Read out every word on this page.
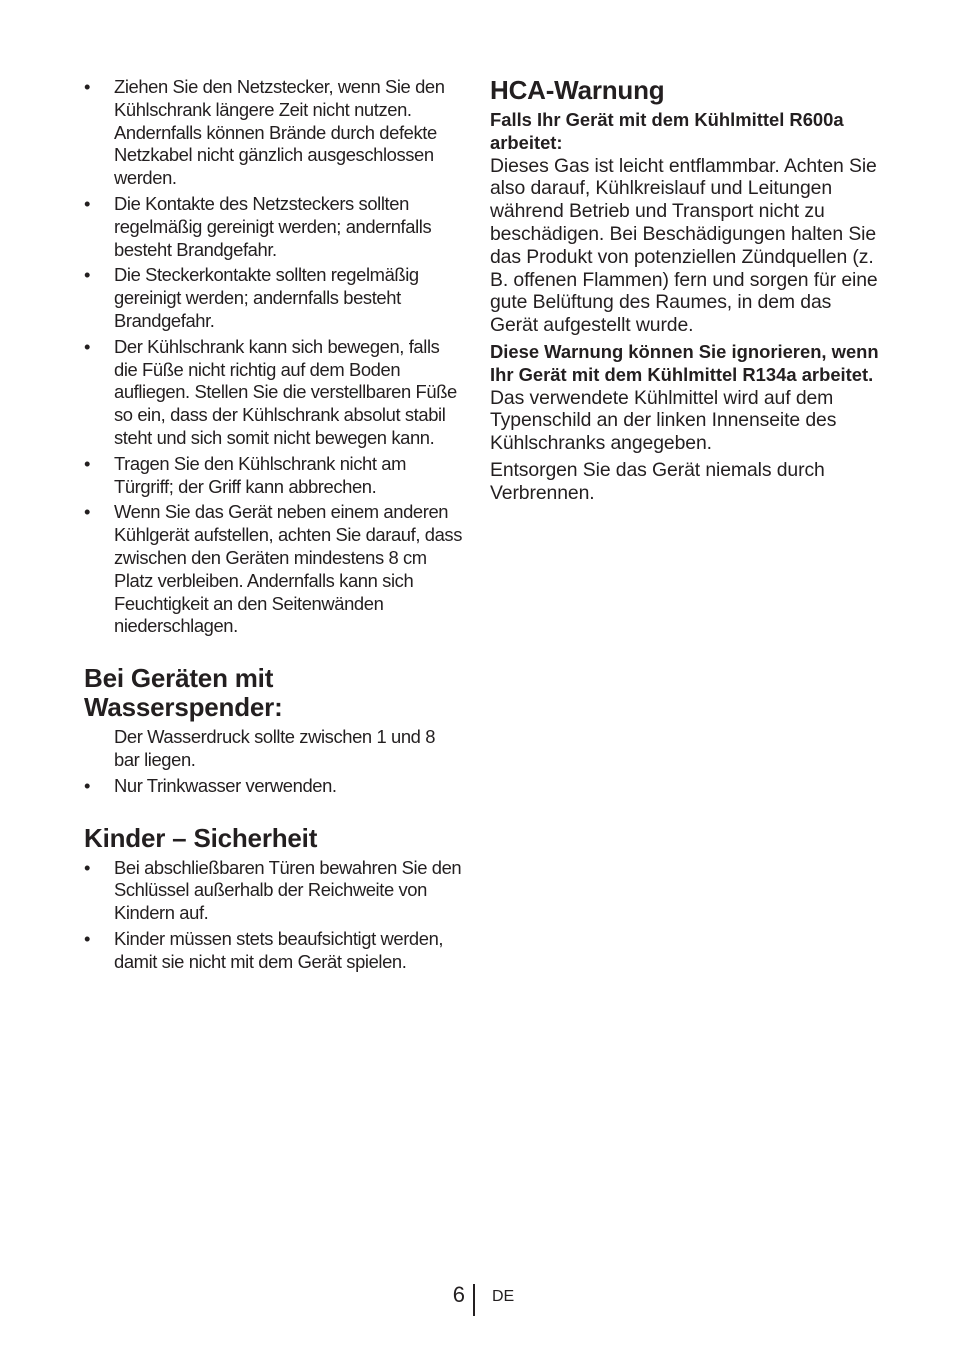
•	Ziehen Sie den Netzstecker, wenn Sie den Kühlschrank längere Zeit nicht nutzen. Andernfalls können Brände durch defekte Netzkabel nicht gänzlich ausgeschlossen werden.
•	Die Kontakte des Netzsteckers sollten regelmäßig gereinigt werden; andernfalls besteht Brandgefahr.
•	Die Steckerkontakte sollten regelmäßig gereinigt werden; andernfalls besteht Brandgefahr.
•	Der Kühlschrank kann sich bewegen, falls die Füße nicht richtig auf dem Boden aufliegen. Stellen Sie die verstellbaren Füße so ein, dass der Kühlschrank absolut stabil steht und sich somit nicht bewegen kann.
•	Tragen Sie den Kühlschrank nicht am Türgriff; der Griff kann abbrechen.
•	Wenn Sie das Gerät neben einem anderen Kühlgerät aufstellen, achten Sie darauf, dass zwischen den Geräten mindestens 8 cm Platz verbleiben. Andernfalls kann sich Feuchtigkeit an den Seitenwänden niederschlagen.
Bei Geräten mit Wasserspender:
Der Wasserdruck sollte zwischen 1 und 8 bar liegen.
•	Nur Trinkwasser verwenden.
Kinder – Sicherheit
•	Bei abschließbaren Türen bewahren Sie den Schlüssel außerhalb der Reichweite von Kindern auf.
•	Kinder müssen stets beaufsichtigt werden, damit sie nicht mit dem Gerät spielen.
HCA-Warnung

Falls Ihr Gerät mit dem Kühlmittel R600a arbeitet:

Dieses Gas ist leicht entflammbar. Achten Sie also darauf, Kühlkreislauf und Leitungen während Betrieb und Transport nicht zu beschädigen. Bei Beschädigungen halten Sie das Produkt von potenziellen Zündquellen (z. B. offenen Flammen) fern und sorgen für eine gute Belüftung des Raumes, in dem das Gerät aufgestellt wurde.

Diese Warnung können Sie ignorieren, wenn Ihr Gerät mit dem Kühlmittel R134a arbeitet.

Das verwendete Kühlmittel wird auf dem Typenschild an der linken Innenseite des Kühlschranks angegeben.

Entsorgen Sie das Gerät niemals durch Verbrennen.

6 DE
